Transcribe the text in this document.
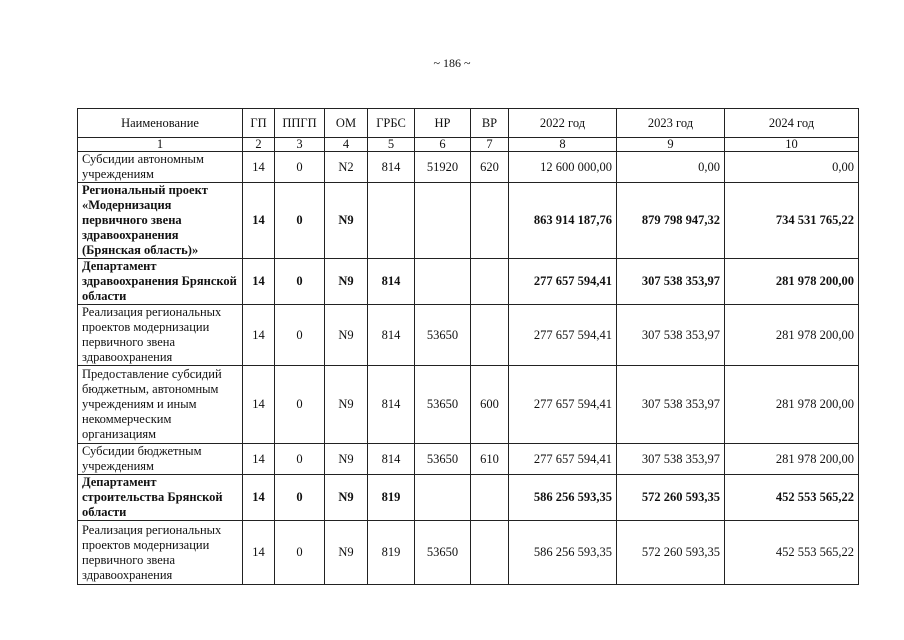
~ 186 ~
Наименование	ГП	ППГП	ОМ	ГРБС	НР	ВР	2022 год	2023 год	2024 год
1	2	3	4	5	6	7	8	9	10
Субсидии автономным учреждениям	14	0	N2	814	51920	620	12 600 000,00	0,00	0,00
Региональный проект «Модернизация первичного звена здравоохранения (Брянская область)»	14	0	N9				863 914 187,76	879 798 947,32	734 531 765,22
Департамент здравоохранения Брянской области	14	0	N9	814			277 657 594,41	307 538 353,97	281 978 200,00
Реализация региональных проектов модернизации первичного звена здравоохранения	14	0	N9	814	53650		277 657 594,41	307 538 353,97	281 978 200,00
Предоставление субсидий бюджетным, автономным учреждениям и иным некоммерческим организациям	14	0	N9	814	53650	600	277 657 594,41	307 538 353,97	281 978 200,00
Субсидии бюджетным учреждениям	14	0	N9	814	53650	610	277 657 594,41	307 538 353,97	281 978 200,00
Департамент строительства Брянской области	14	0	N9	819			586 256 593,35	572 260 593,35	452 553 565,22
Реализация региональных проектов модернизации первичного звена здравоохранения	14	0	N9	819	53650		586 256 593,35	572 260 593,35	452 553 565,22
